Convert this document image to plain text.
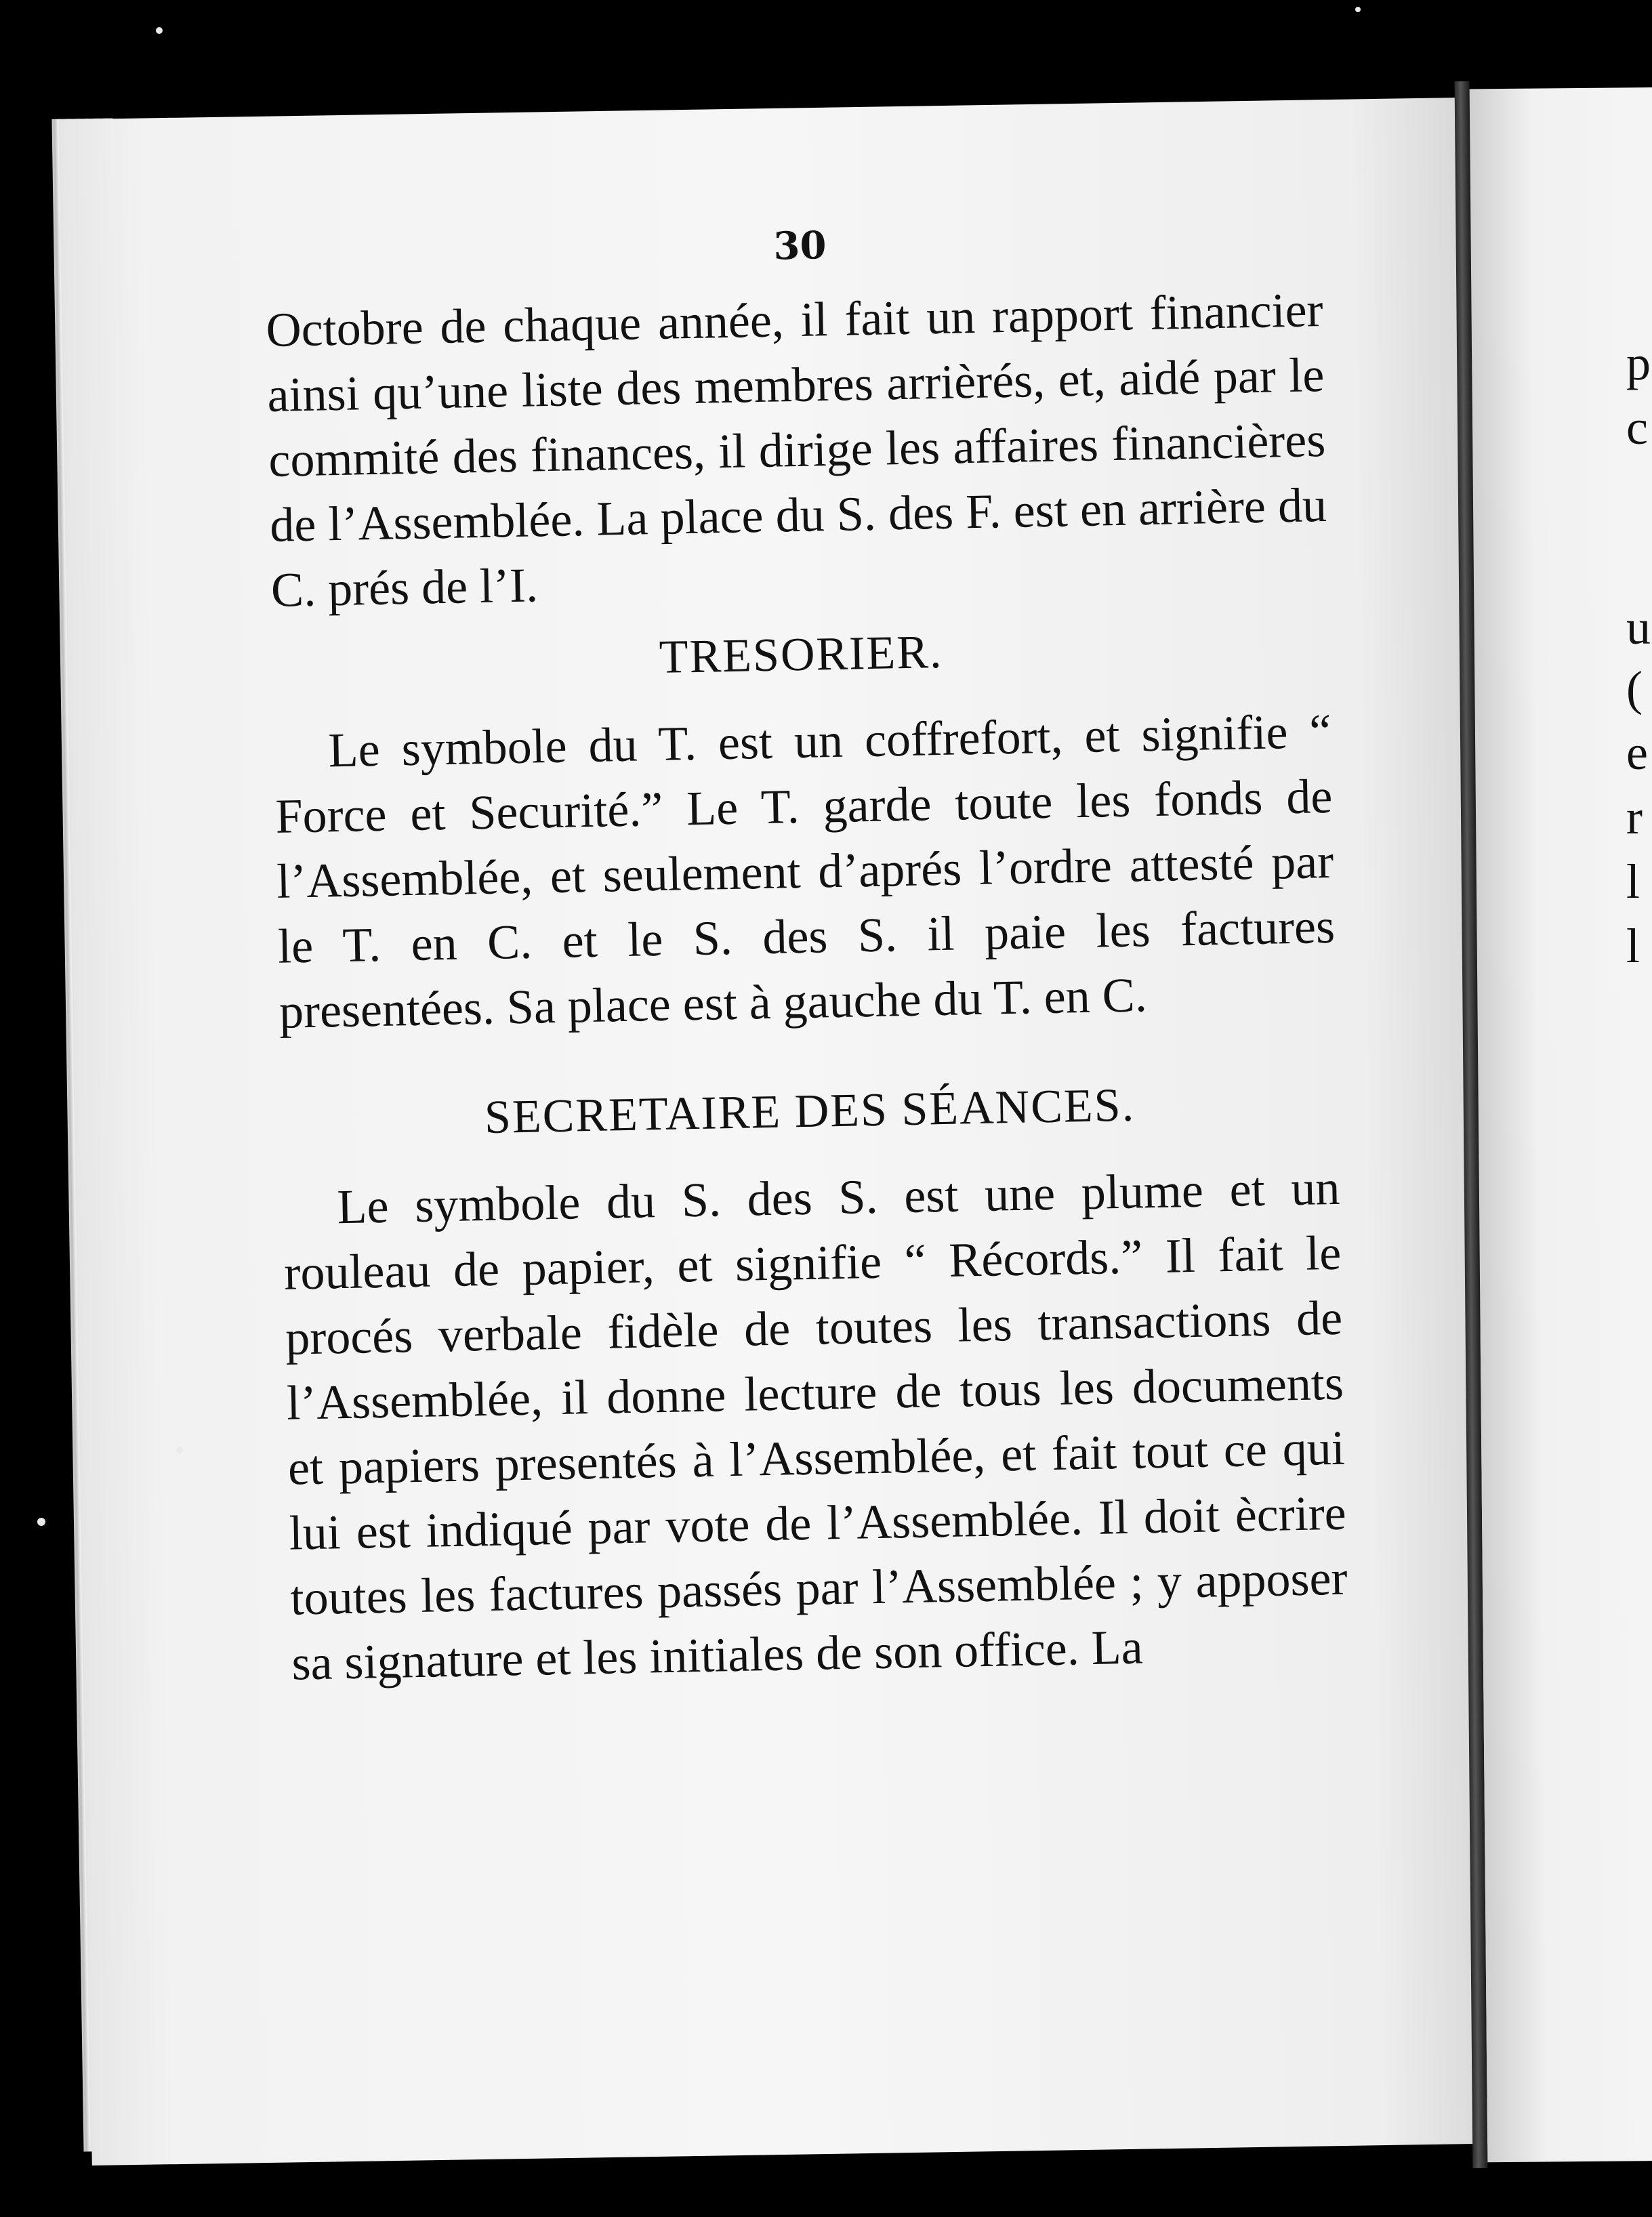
p
c
u
(
e
r
l
l
30

Octobre de chaque année, il fait un rapport financier ainsi qu’une liste des membres arrièrés, et, aidé par le commité des finances, il dirige les affaires financières de l’Assemblée. La place du S. des F. est en arrière du C. prés de l’I.

TRESORIER.

Le symbole du T. est un coffrefort, et signifie “ Force et Securité.” Le T. garde toute les fonds de l’Assemblée, et seulement d’aprés l’ordre attesté par le T. en C. et le S. des S. il paie les factures presentées. Sa place est à gauche du T. en C.

SECRETAIRE DES SÉANCES.

Le symbole du S. des S. est une plume et un rouleau de papier, et signifie “ Récords.” Il fait le procés verbale fidèle de toutes les transactions de l’Assemblée, il donne lecture de tous les documents et papiers presentés à l’Assemblée, et fait tout ce qui lui est indiqué par vote de l’Assemblée. Il doit ècrire toutes les factures passés par l’Assemblée ; y apposer sa signature et les initiales de son office. La
